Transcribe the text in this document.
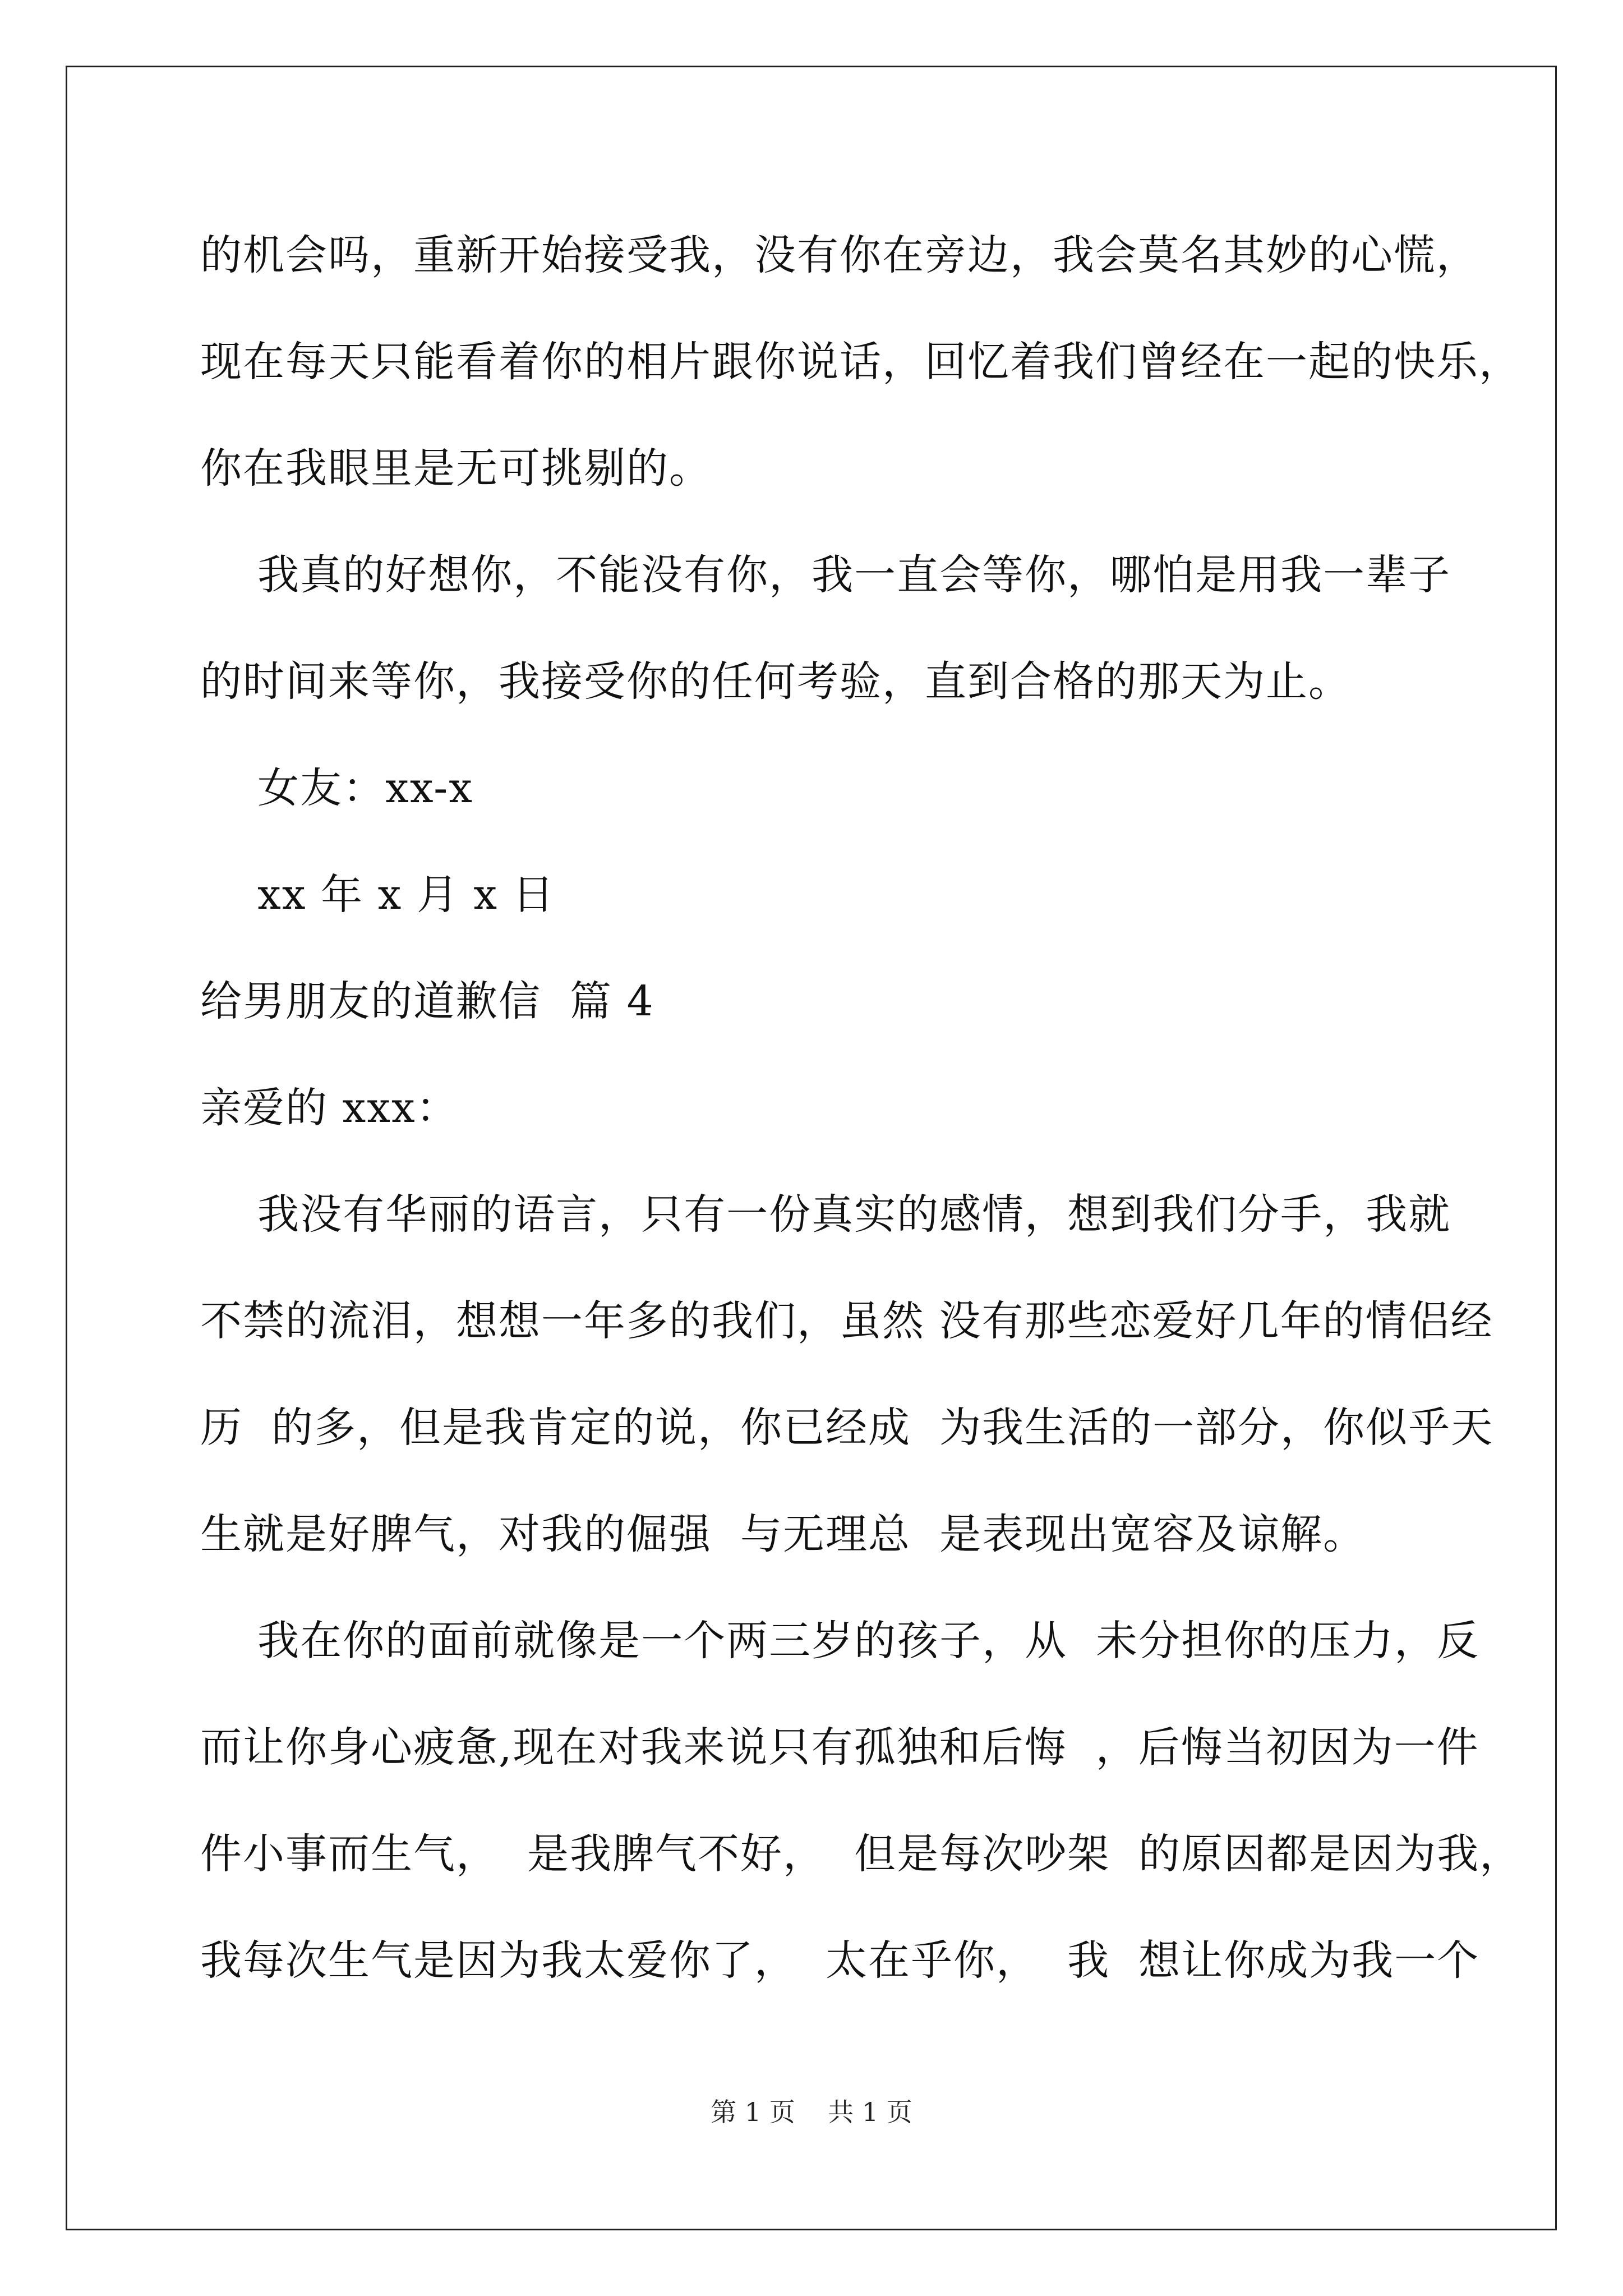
的机会吗，重新开始接受我，没有你在旁边，我会莫名其妙的心慌，
现在每天只能看着你的相片跟你说话，回忆着我们曾经在一起的快乐，
你在我眼里是无可挑剔的。
我真的好想你，不能没有你，我一直会等你，哪怕是用我一辈子
的时间来等你，我接受你的任何考验，直到合格的那天为止。
女友：xx-x
xx 年 x 月 x 日
给男朋友的道歉信  篇 4
亲爱的 xxx：
我没有华丽的语言，只有一份真实的感情，想到我们分手，我就
不禁的流泪，想想一年多的我们，虽然 没有那些恋爱好几年的情侣经
历  的多，但是我肯定的说，你已经成  为我生活的一部分，你似乎天
生就是好脾气，对我的倔强  与无理总  是表现出宽容及谅解。
我在你的面前就像是一个两三岁的孩子，从  未分担你的压力，反
而让你身心疲惫,现在对我来说只有孤独和后悔  ，后悔当初因为一件
件小事而生气，  是我脾气不好，  但是每次吵架  的原因都是因为我，
我每次生气是因为我太爱你了，  太在乎你，  我  想让你成为我一个
第 1 页    共 1 页
